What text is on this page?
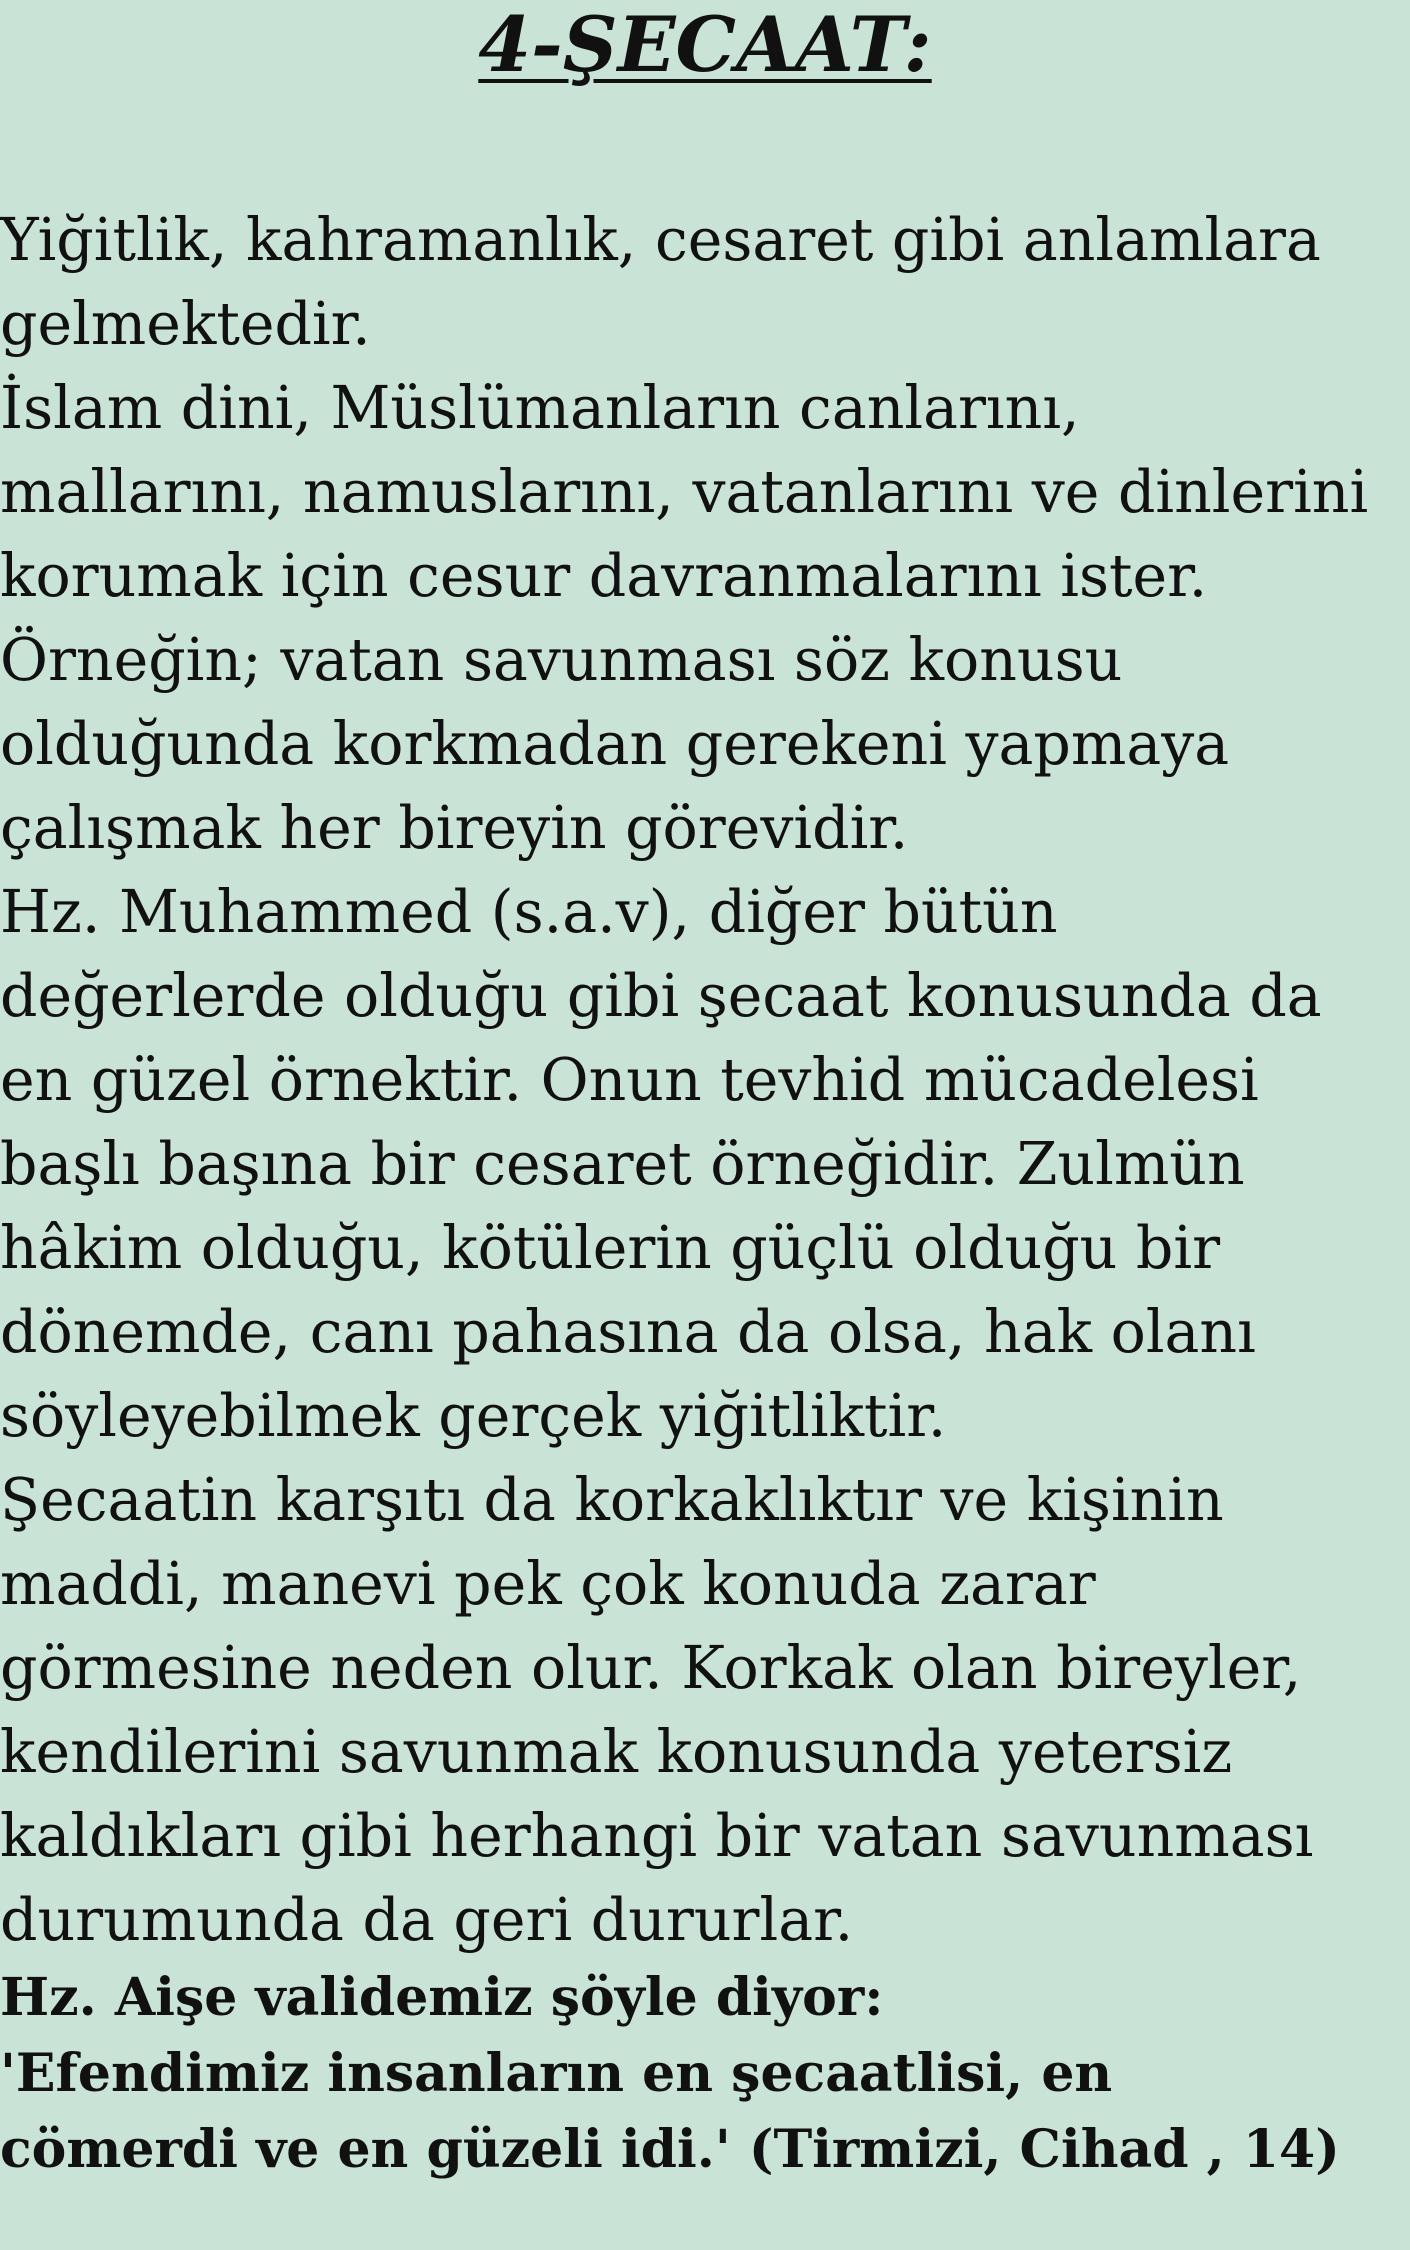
4-ŞECAAT:
Yiğitlik, kahramanlık, cesaret gibi anlamlara
gelmektedir.
İslam dini, Müslümanların canlarını,
mallarını, namuslarını, vatanlarını ve dinlerini
korumak için cesur davranmalarını ister.
Örneğin; vatan savunması söz konusu
olduğunda korkmadan gerekeni yapmaya
çalışmak her bireyin görevidir.
Hz. Muhammed (s.a.v), diğer bütün
değerlerde olduğu gibi şecaat konusunda da
en güzel örnektir. Onun tevhid mücadelesi
başlı başına bir cesaret örneğidir. Zulmün
hâkim olduğu, kötülerin güçlü olduğu bir
dönemde, canı pahasına da olsa, hak olanı
söyleyebilmek gerçek yiğitliktir.
Şecaatin karşıtı da korkaklıktır ve kişinin
maddi, manevi pek çok konuda zarar
görmesine neden olur. Korkak olan bireyler,
kendilerini savunmak konusunda yetersiz
kaldıkları gibi herhangi bir vatan savunması
durumunda da geri dururlar.
Hz. Aişe validemiz şöyle diyor:
'Efendimiz insanların en şecaatlisi, en
cömerdi ve en güzeli idi.' (Tirmizi, Cihad , 14)
